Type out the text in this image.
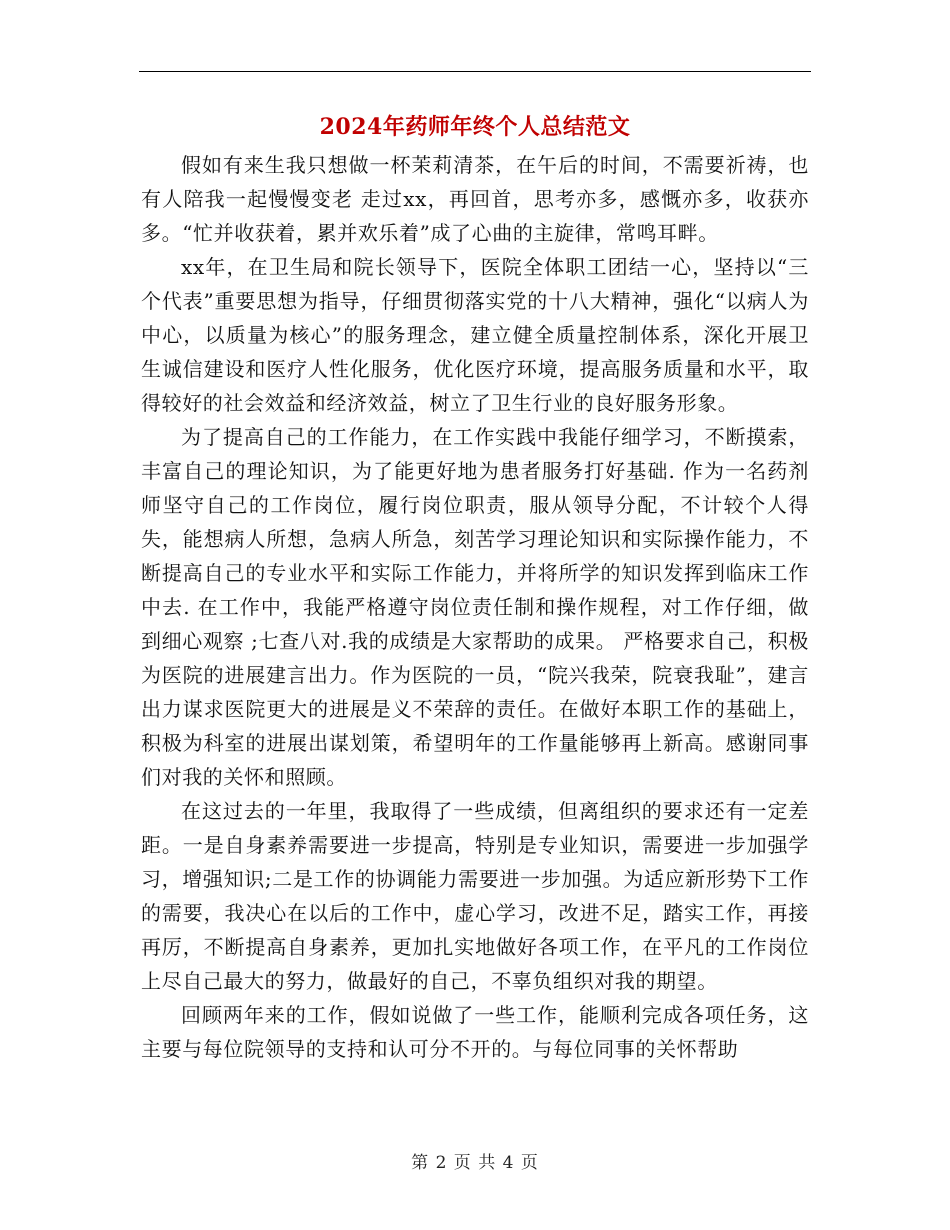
2024年药师年终个人总结范文

假如有来生我只想做一杯茉莉清茶，在午后的时间，不需要祈祷，也有人陪我一起慢慢变老 走过xx，再回首，思考亦多，感慨亦多，收获亦多。“忙并收获着，累并欢乐着”成了心曲的主旋律，常鸣耳畔。

xx年，在卫生局和院长领导下，医院全体职工团结一心，坚持以“三个代表”重要思想为指导，仔细贯彻落实党的十八大精神，强化“以病人为中心，以质量为核心”的服务理念，建立健全质量控制体系，深化开展卫生诚信建设和医疗人性化服务，优化医疗环境，提高服务质量和水平，取得较好的社会效益和经济效益，树立了卫生行业的良好服务形象。

为了提高自己的工作能力，在工作实践中我能仔细学习，不断摸索，丰富自己的理论知识，为了能更好地为患者服务打好基础. 作为一名药剂师坚守自己的工作岗位，履行岗位职责，服从领导分配，不计较个人得失，能想病人所想，急病人所急，刻苦学习理论知识和实际操作能力，不断提高自己的专业水平和实际工作能力，并将所学的知识发挥到临床工作中去. 在工作中，我能严格遵守岗位责任制和操作规程，对工作仔细，做到细心观察 ;七查八对.我的成绩是大家帮助的成果。 严格要求自己，积极为医院的进展建言出力。作为医院的一员，“院兴我荣，院衰我耻”，建言出力谋求医院更大的进展是义不荣辞的责任。在做好本职工作的基础上，积极为科室的进展出谋划策，希望明年的工作量能够再上新高。感谢同事们对我的关怀和照顾。

在这过去的一年里，我取得了一些成绩，但离组织的要求还有一定差距。一是自身素养需要进一步提高，特别是专业知识，需要进一步加强学习，增强知识;二是工作的协调能力需要进一步加强。为适应新形势下工作的需要，我决心在以后的工作中，虚心学习，改进不足，踏实工作，再接再厉，不断提高自身素养，更加扎实地做好各项工作，在平凡的工作岗位上尽自己最大的努力，做最好的自己，不辜负组织对我的期望。

回顾两年来的工作，假如说做了一些工作，能顺利完成各项任务，这主要与每位院领导的支持和认可分不开的。与每位同事的关怀帮助

第 2 页 共 4 页
